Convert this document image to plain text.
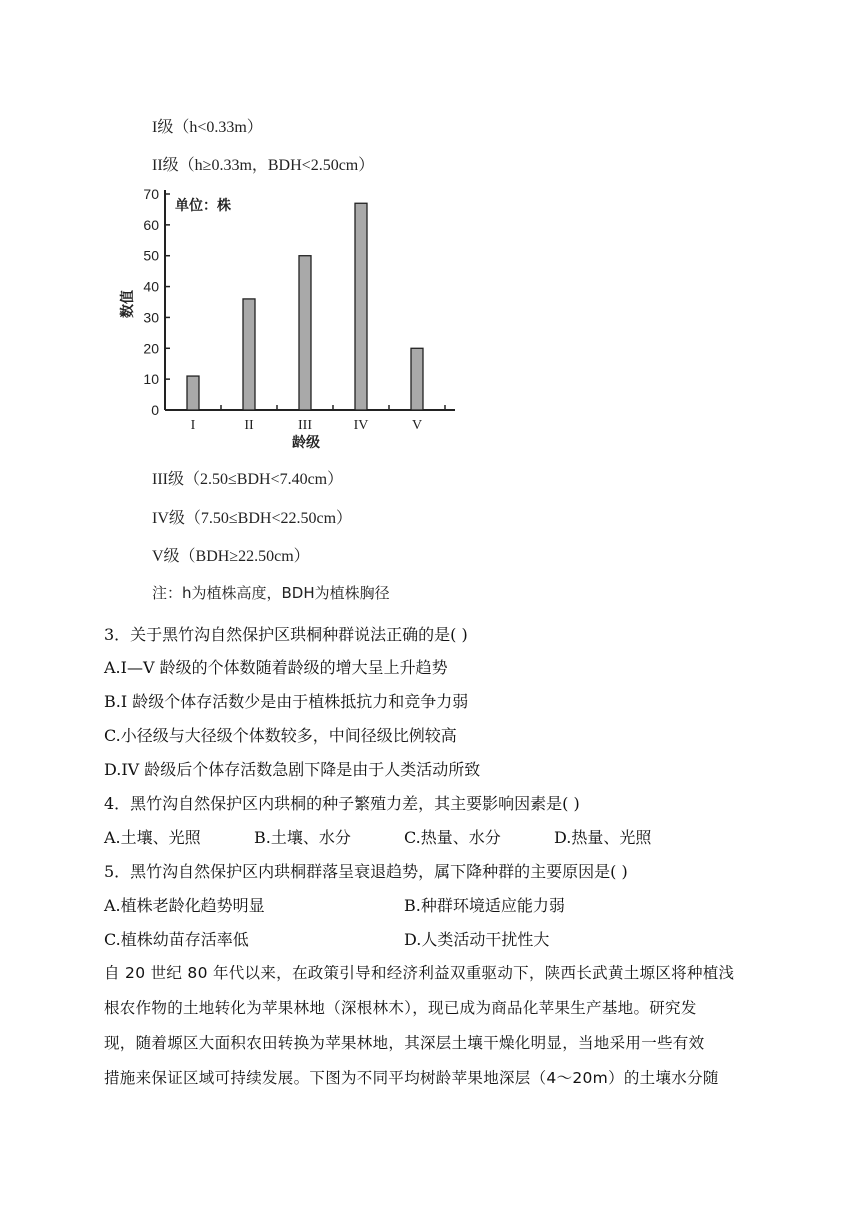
I级（h<0.33m）
II级（h≥0.33m，BDH<2.50cm）
0
10
20
30
40
50
60
70
I	II	III	IV	V
龄级
数值
单位：株
III级（2.50≤BDH<7.40cm）
IV级（7.50≤BDH<22.50cm）
V级（BDH≥22.50cm）
注：h为植株高度，BDH为植株胸径
3．关于黑竹沟自然保护区珙桐种群说法正确的是( )
A.I—V 龄级的个体数随着龄级的增大呈上升趋势
B.I 龄级个体存活数少是由于植株抵抗力和竞争力弱
C.小径级与大径级个体数较多，中间径级比例较高
D.IV 龄级后个体存活数急剧下降是由于人类活动所致
4．黑竹沟自然保护区内珙桐的种子繁殖力差，其主要影响因素是( )
A.土壤、光照	B.土壤、水分	C.热量、水分	D.热量、光照
5．黑竹沟自然保护区内珙桐群落呈衰退趋势，属下降种群的主要原因是( )
A.植株老龄化趋势明显	B.种群环境适应能力弱
C.植株幼苗存活率低	D.人类活动干扰性大
自 20 世纪 80 年代以来，在政策引导和经济利益双重驱动下，陕西长武黄土塬区将种植浅
根农作物的土地转化为苹果林地（深根林木），现已成为商品化苹果生产基地。研究发
现，随着塬区大面积农田转换为苹果林地，其深层土壤干燥化明显，当地采用一些有效
措施来保证区域可持续发展。下图为不同平均树龄苹果地深层（4～20m）的土壤水分随
